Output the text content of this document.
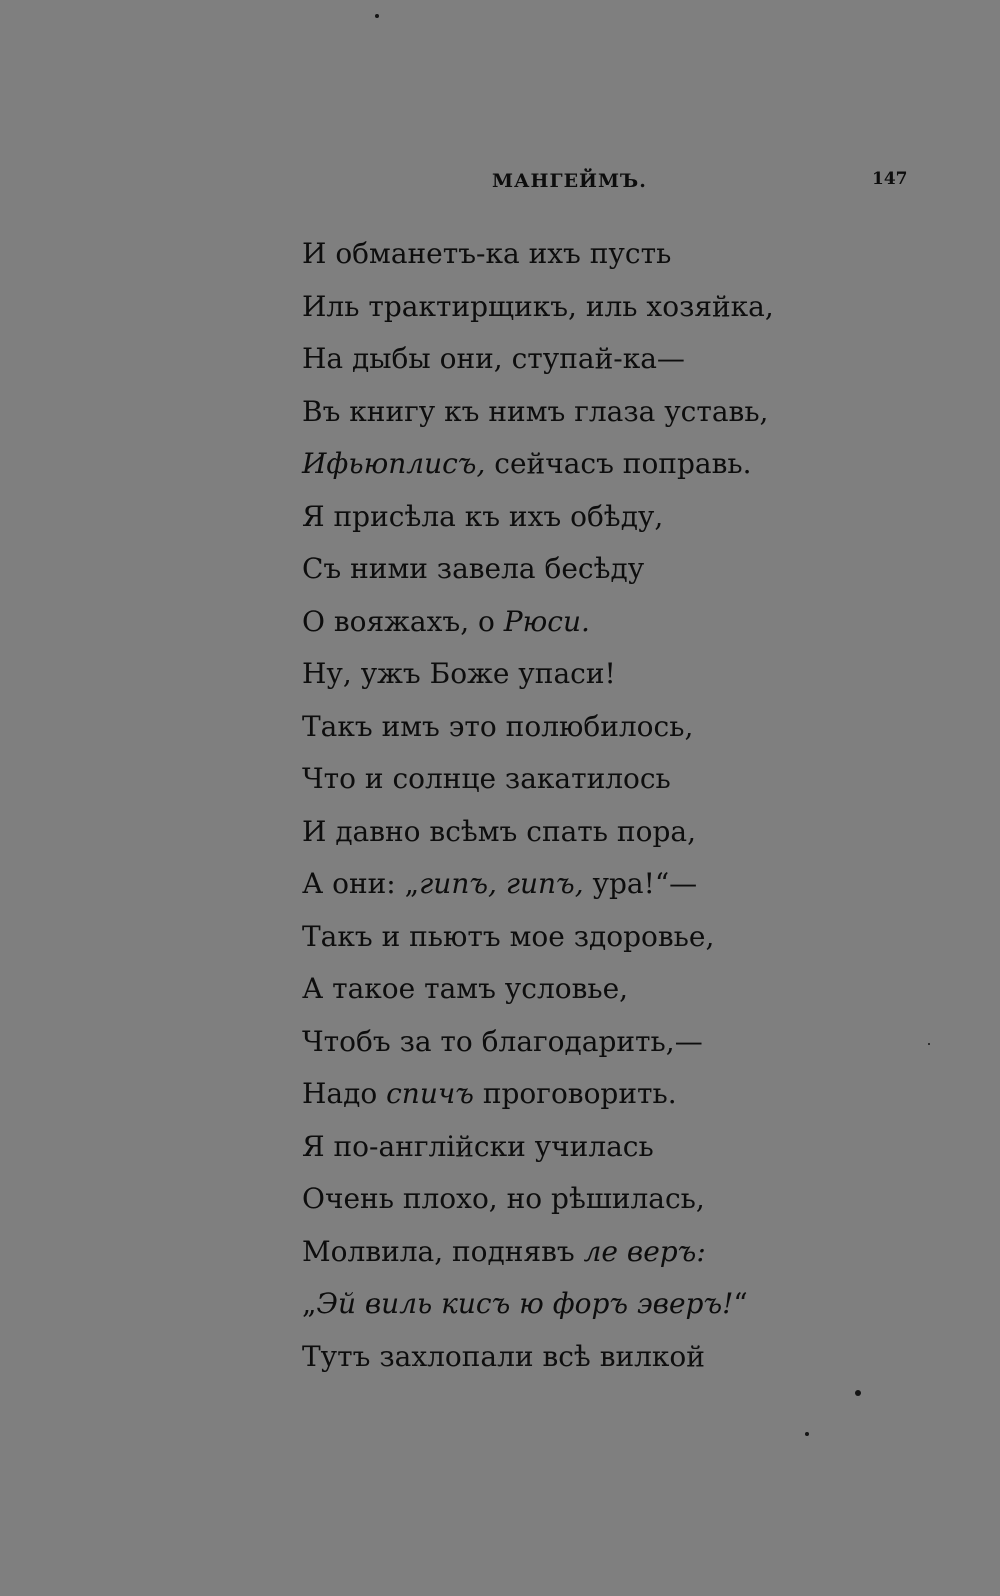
МАНГЕЙМЪ.	147
И обманетъ-ка ихъ пусть
Иль трактирщикъ, иль хозяйка,
На дыбы они, ступай-ка—
Въ книгу къ нимъ глаза уставь,
Ифьюплисъ, сейчасъ поправь.
Я присѣла къ ихъ обѣду,
Съ ними завела бесѣду
О вояжахъ, о Рюси.
Ну, ужъ Боже упаси!
Такъ имъ это полюбилось,
Что и солнце закатилось
И давно всѣмъ спать пора,
А они: „гипъ, гипъ, ура!“—
Такъ и пьютъ мое здоровье,
А такое тамъ условье,
Чтобъ за то благодарить,—
Надо спичъ проговорить.
Я по-англійски училась
Очень плохо, но рѣшилась,
Молвила, поднявъ ле веръ:
„Эй виль кисъ ю форъ эверъ!“
Тутъ захлопали всѣ вилкой
